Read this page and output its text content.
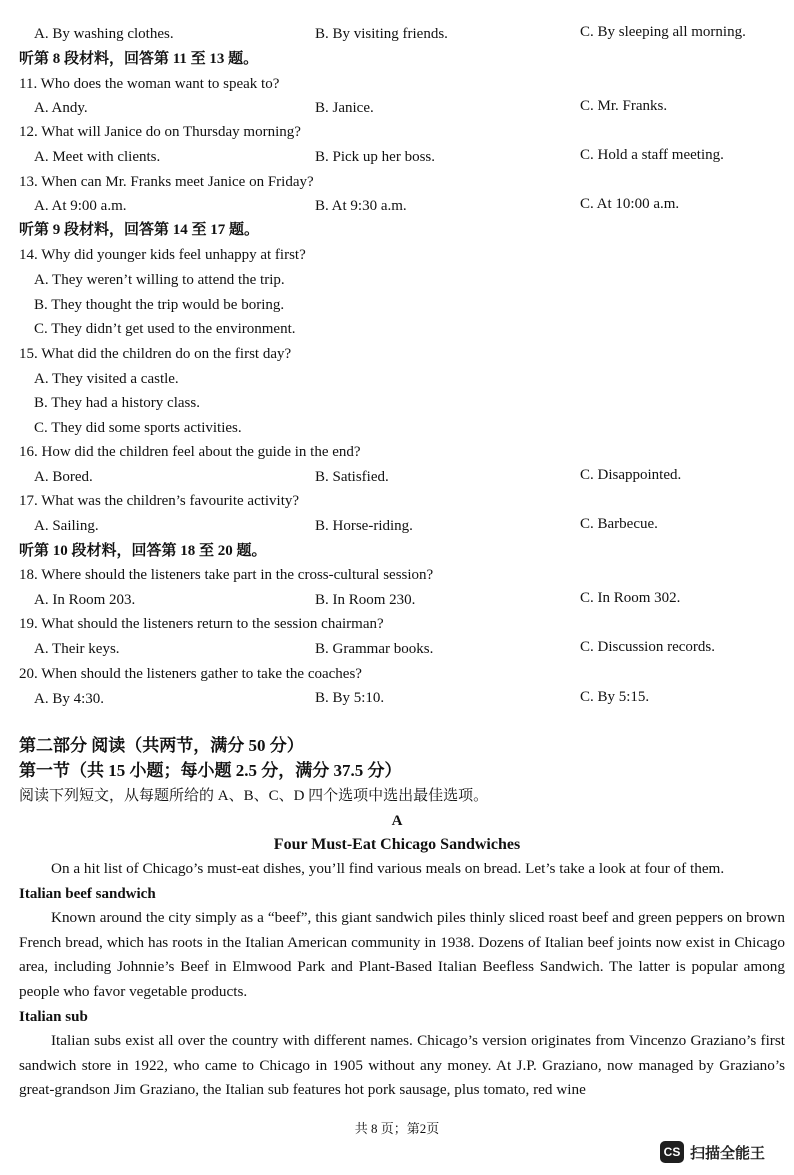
A. By washing clothes.	B. By visiting friends.	C. By sleeping all morning.
听第 8 段材料，回答第 11 至 13 题。
11. Who does the woman want to speak to?
A. Andy.	B. Janice.	C. Mr. Franks.
12. What will Janice do on Thursday morning?
A. Meet with clients.	B. Pick up her boss.	C. Hold a staff meeting.
13. When can Mr. Franks meet Janice on Friday?
A. At 9:00 a.m.	B. At 9:30 a.m.	C. At 10:00 a.m.
听第 9 段材料，回答第 14 至 17 题。
14. Why did younger kids feel unhappy at first?
A. They weren’t willing to attend the trip.
B. They thought the trip would be boring.
C. They didn’t get used to the environment.
15. What did the children do on the first day?
A. They visited a castle.
B. They had a history class.
C. They did some sports activities.
16. How did the children feel about the guide in the end?
A. Bored.	B. Satisfied.	C. Disappointed.
17. What was the children’s favourite activity?
A. Sailing.	B. Horse-riding.	C. Barbecue.
听第 10 段材料，回答第 18 至 20 题。
18. Where should the listeners take part in the cross-cultural session?
A. In Room 203.	B. In Room 230.	C. In Room 302.
19. What should the listeners return to the session chairman?
A. Their keys.	B. Grammar books.	C. Discussion records.
20. When should the listeners gather to take the coaches?
A. By 4:30.	B. By 5:10.	C. By 5:15.
第二部分 阅读（共两节，满分 50 分）
第一节（共 15 小题；每小题 2.5 分，满分 37.5 分）
阅读下列短文，从每题所给的 A、B、C、D 四个选项中选出最佳选项。
A
Four Must-Eat Chicago Sandwiches

On a hit list of Chicago’s must-eat dishes, you’ll find various meals on bread. Let’s take a look at four of them.

Italian beef sandwich

Known around the city simply as a “beef”, this giant sandwich piles thinly sliced roast beef and green peppers on brown French bread, which has roots in the Italian American community in 1938. Dozens of Italian beef joints now exist in Chicago area, including Johnnie’s Beef in Elmwood Park and Plant-Based Italian Beefless Sandwich. The latter is popular among people who favor vegetable products.

Italian sub

Italian subs exist all over the country with different names. Chicago’s version originates from Vincenzo Graziano’s first sandwich store in 1922, who came to Chicago in 1905 without any money. At J.P. Graziano, now managed by Graziano’s great-grandson Jim Graziano, the Italian sub features hot pork sausage, plus tomato, red wine

共 8 页；第2页
CS 扫描全能王
